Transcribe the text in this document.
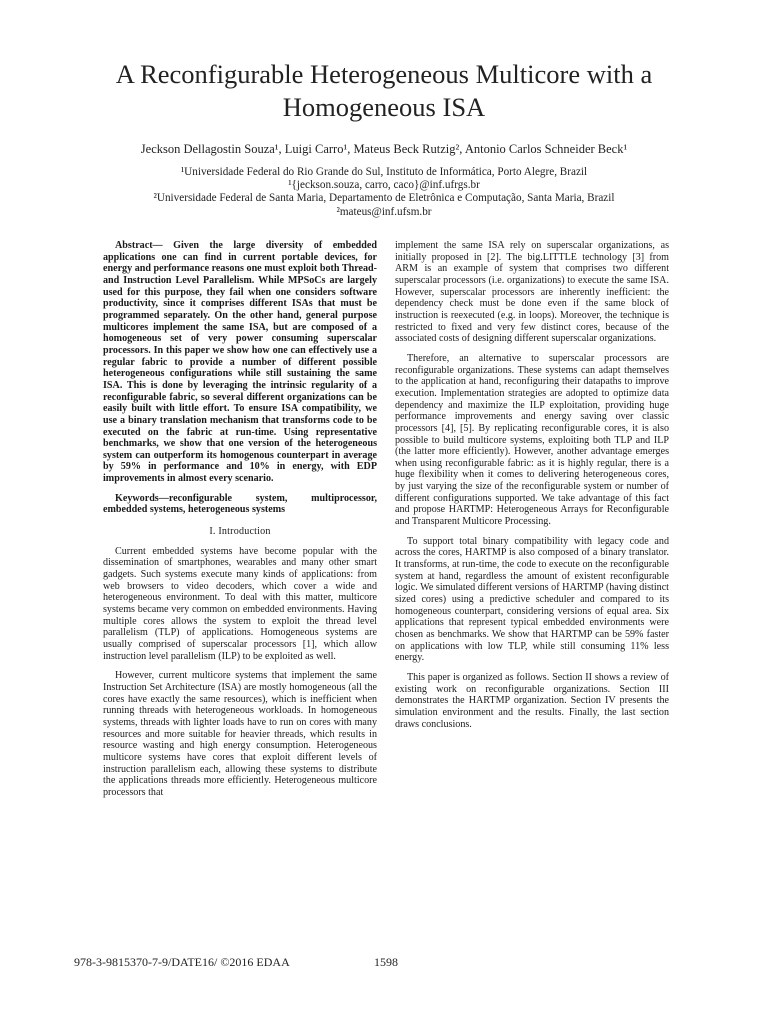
A Reconfigurable Heterogeneous Multicore with a
Homogeneous ISA
Jeckson Dellagostin Souza¹, Luigi Carro¹, Mateus Beck Rutzig², Antonio Carlos Schneider Beck¹
¹Universidade Federal do Rio Grande do Sul, Instituto de Informática, Porto Alegre, Brazil
¹{jeckson.souza, carro, caco}@inf.ufrgs.br
²Universidade Federal de Santa Maria, Departamento de Eletrônica e Computação, Santa Maria, Brazil
²mateus@inf.ufsm.br

Abstract— Given the large diversity of embedded applications one can find in current portable devices, for energy and performance reasons one must exploit both Thread- and Instruction Level Parallelism. While MPSoCs are largely used for this purpose, they fail when one considers software productivity, since it comprises different ISAs that must be programmed separately. On the other hand, general purpose multicores implement the same ISA, but are composed of a homogeneous set of very power consuming superscalar processors. In this paper we show how one can effectively use a regular fabric to provide a number of different possible heterogeneous configurations while still sustaining the same ISA. This is done by leveraging the intrinsic regularity of a reconfigurable fabric, so several different organizations can be easily built with little effort. To ensure ISA compatibility, we use a binary translation mechanism that transforms code to be executed on the fabric at run-time. Using representative benchmarks, we show that one version of the heterogeneous system can outperform its homogenous counterpart in average by 59% in performance and 10% in energy, with EDP improvements in almost every scenario.

Keywords—reconfigurable system, multiprocessor, embedded systems, heterogeneous systems

I. Introduction

Current embedded systems have become popular with the dissemination of smartphones, wearables and many other smart gadgets. Such systems execute many kinds of applications: from web browsers to video decoders, which cover a wide and heterogeneous environment. To deal with this matter, multicore systems became very common on embedded environments. Having multiple cores allows the system to exploit the thread level parallelism (TLP) of applications. Homogeneous systems are usually comprised of superscalar processors [1], which allow instruction level parallelism (ILP) to be exploited as well.

However, current multicore systems that implement the same Instruction Set Architecture (ISA) are mostly homogeneous (all the cores have exactly the same resources), which is inefficient when running threads with heterogeneous workloads. In homogeneous systems, threads with lighter loads have to run on cores with many resources and more suitable for heavier threads, which results in resource wasting and high energy consumption. Heterogeneous multicore systems have cores that exploit different levels of instruction parallelism each, allowing these systems to distribute the applications threads more efficiently. Heterogeneous multicore processors that

implement the same ISA rely on superscalar organizations, as initially proposed in [2]. The big.LITTLE technology [3] from ARM is an example of system that comprises two different superscalar processors (i.e. organizations) to execute the same ISA. However, superscalar processors are inherently inefficient: the dependency check must be done even if the same block of instruction is reexecuted (e.g. in loops). Moreover, the technique is restricted to fixed and very few distinct cores, because of the associated costs of designing different superscalar organizations.

Therefore, an alternative to superscalar processors are reconfigurable organizations. These systems can adapt themselves to the application at hand, reconfiguring their datapaths to improve execution. Implementation strategies are adopted to optimize data dependency and maximize the ILP exploitation, providing huge performance improvements and energy saving over classic processors [4], [5]. By replicating reconfigurable cores, it is also possible to build multicore systems, exploiting both TLP and ILP (the latter more efficiently). However, another advantage emerges when using reconfigurable fabric: as it is highly regular, there is a huge flexibility when it comes to delivering heterogeneous cores, by just varying the size of the reconfigurable system or number of different configurations supported. We take advantage of this fact and propose HARTMP: Heterogeneous Arrays for Reconfigurable and Transparent Multicore Processing.

To support total binary compatibility with legacy code and across the cores, HARTMP is also composed of a binary translator. It transforms, at run-time, the code to execute on the reconfigurable system at hand, regardless the amount of existent reconfigurable logic. We simulated different versions of HARTMP (having distinct sized cores) using a predictive scheduler and compared to its homogeneous counterpart, considering versions of equal area. Six applications that represent typical embedded environments were chosen as benchmarks. We show that HARTMP can be 59% faster on applications with low TLP, while still consuming 11% less energy.

This paper is organized as follows. Section II shows a review of existing work on reconfigurable organizations. Section III demonstrates the HARTMP organization. Section IV presents the simulation environment and the results. Finally, the last section draws conclusions.

978-3-9815370-7-9/DATE16/ ©2016 EDAA	1598
